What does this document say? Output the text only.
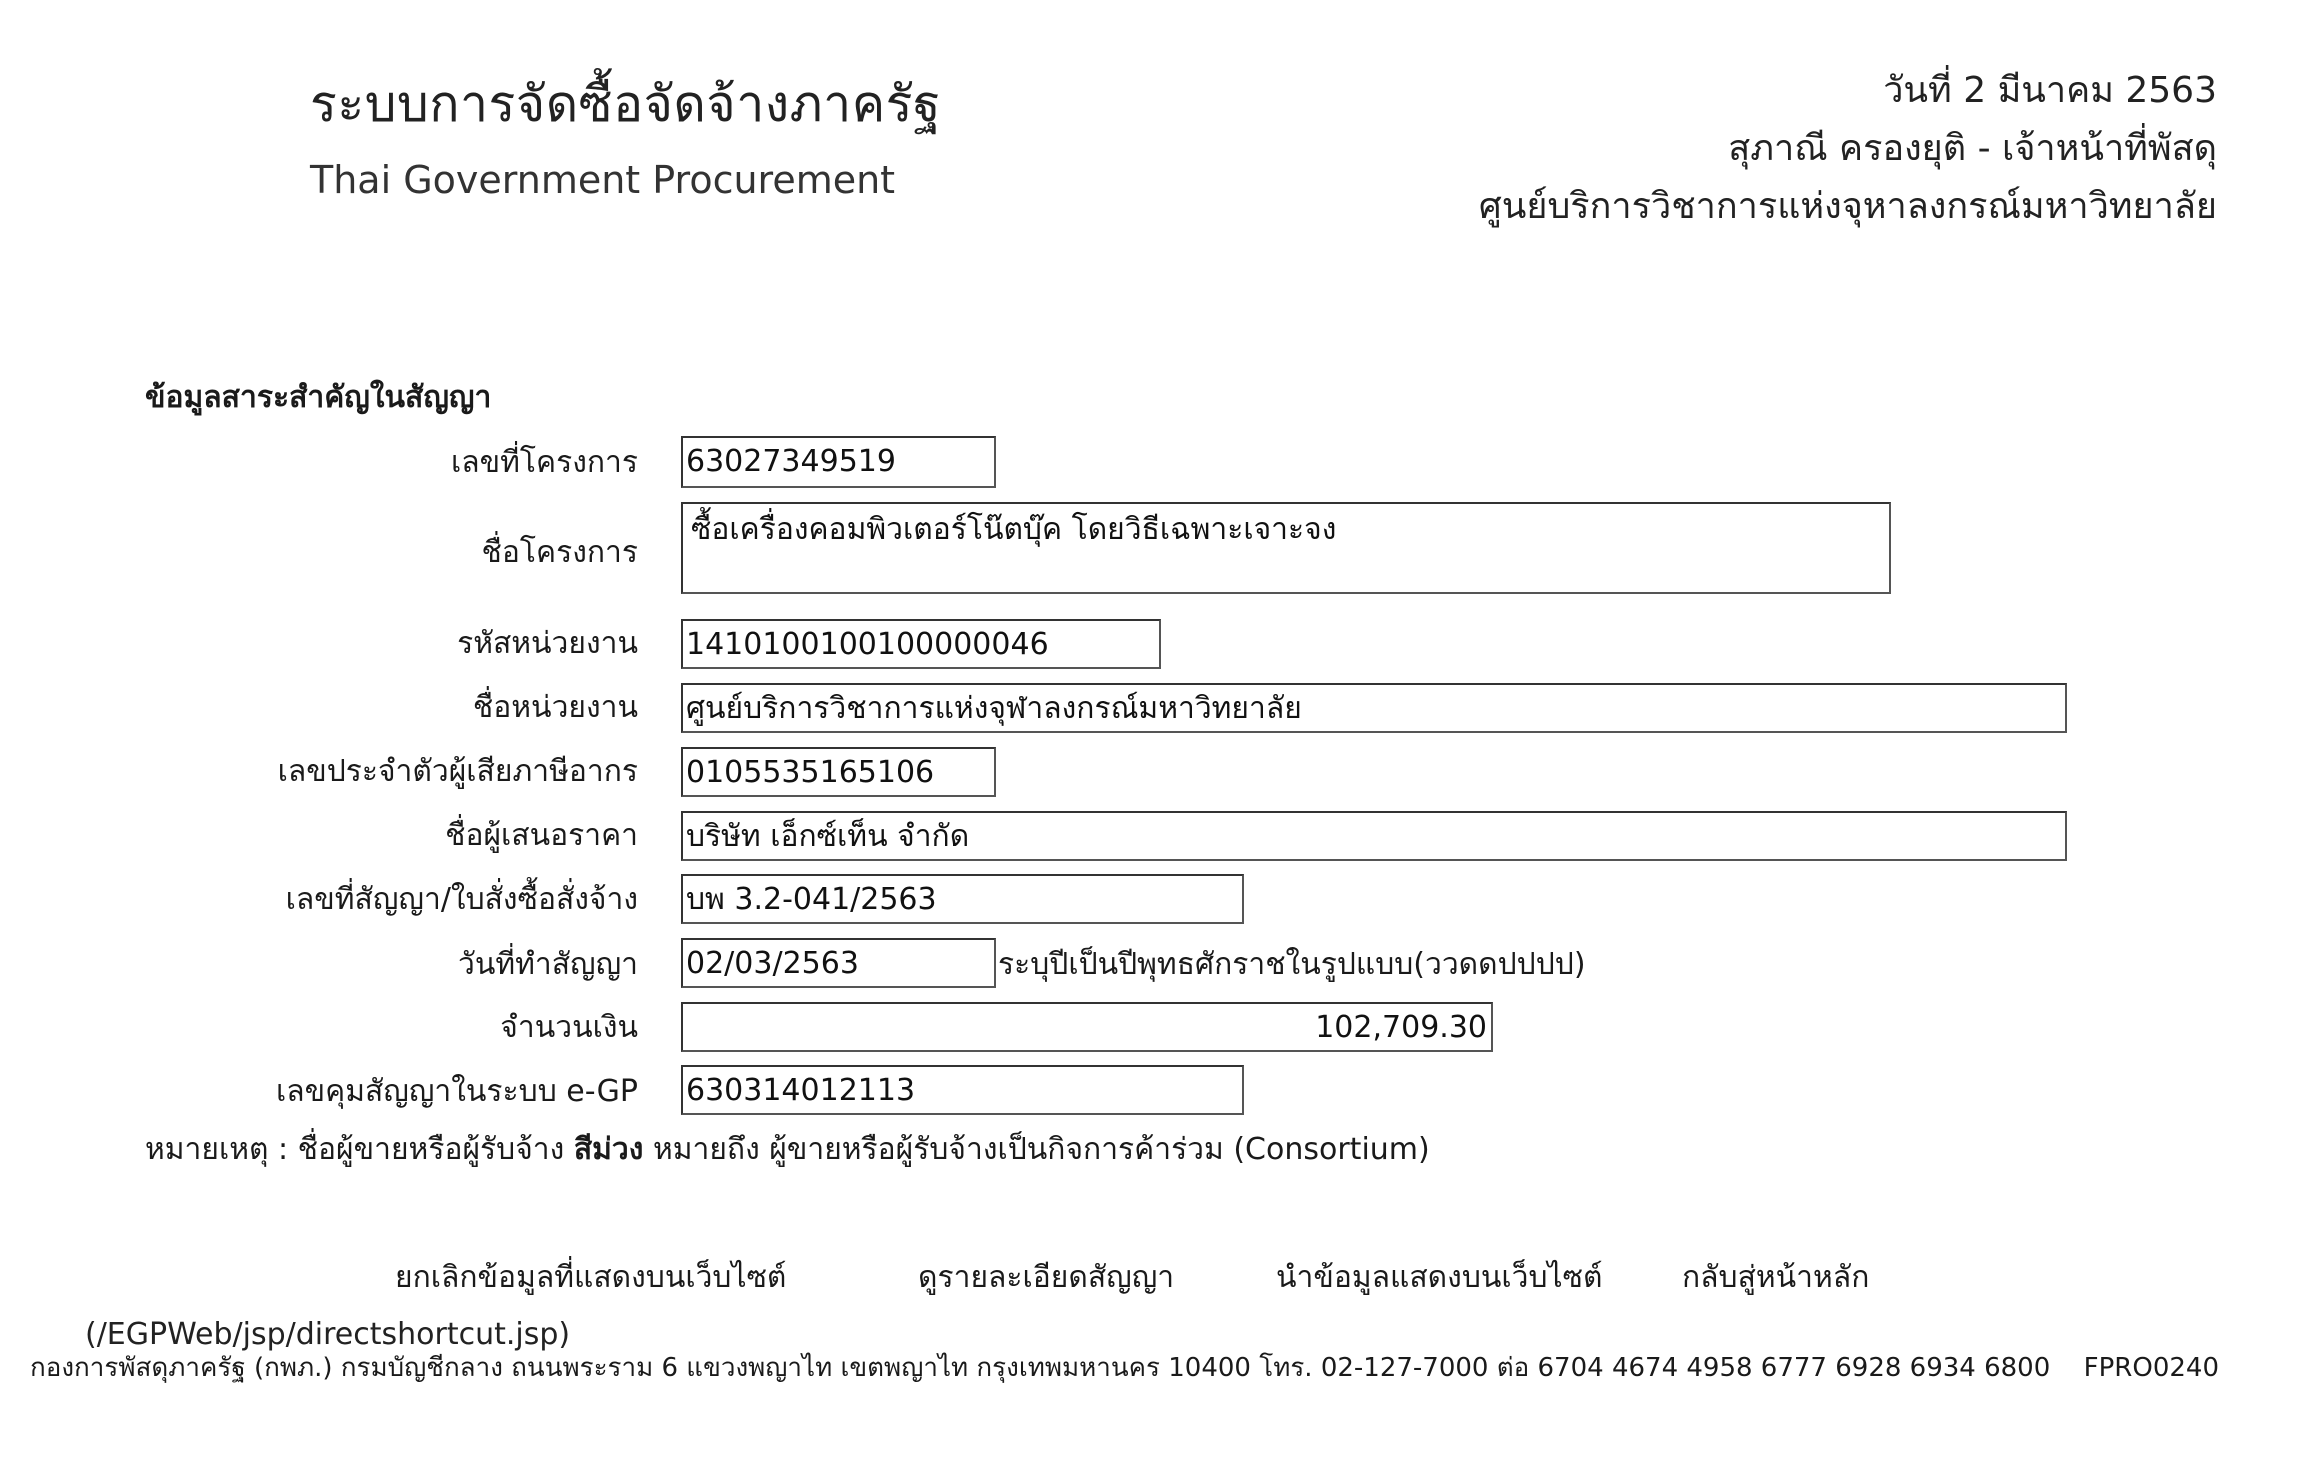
ระบบการจัดซื้อจัดจ้างภาครัฐ
Thai Government Procurement
วันที่ 2 มีนาคม 2563
สุภาณี ครองยุติ - เจ้าหน้าที่พัสดุ
ศูนย์บริการวิชาการแห่งจุหาลงกรณ์มหาวิทยาลัย
ข้อมูลสาระสำคัญในสัญญา
เลขที่โครงการ 63027349519
ชื่อโครงการ
ซื้อเครื่องคอมพิวเตอร์โน๊ตบุ๊ค โดยวิธีเฉพาะเจาะจง
รหัสหน่วยงาน 1410100100100000046
ชื่อหน่วยงาน ศูนย์บริการวิชาการแห่งจุฬาลงกรณ์มหาวิทยาลัย
เลขประจำตัวผู้เสียภาษีอากร 0105535165106
ชื่อผู้เสนอราคา บริษัท เอ็กซ์เท็น จำกัด
เลขที่สัญญา/ใบสั่งซื้อสั่งจ้าง บพ 3.2-041/2563
วันที่ทำสัญญา 02/03/2563	ระบุปีเป็นปีพุทธศักราชในรูปแบบ(ววดดปปปป)
จำนวนเงิน	102,709.30
เลขคุมสัญญาในระบบ e-GP 630314012113
หมายเหตุ : ชื่อผู้ขายหรือผู้รับจ้าง สีม่วง หมายถึง ผู้ขายหรือผู้รับจ้างเป็นกิจการค้าร่วม (Consortium)
ยกเลิกข้อมูลที่แสดงบนเว็บไซต์	ดูรายละเอียดสัญญา	นำข้อมูลแสดงบนเว็บไซต์	กลับสู่หน้าหลัก
(/EGPWeb/jsp/directshortcut.jsp)
กองการพัสดุภาครัฐ (กพภ.) กรมบัญชีกลาง ถนนพระราม 6 แขวงพญาไท เขตพญาไท กรุงเทพมหานคร 10400 โทร. 02-127-7000 ต่อ 6704 4674 4958 6777 6928 6934 6800 FPRO0240
